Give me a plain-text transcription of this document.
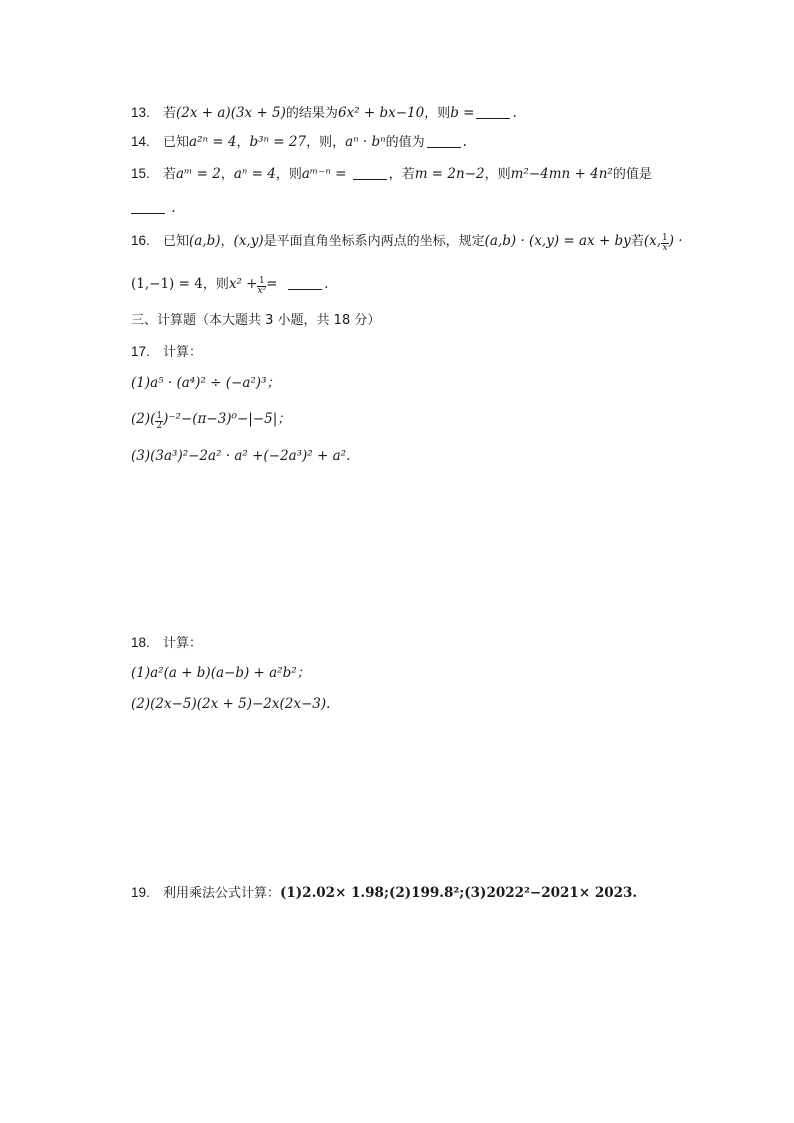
13. 若(2x + a)(3x + 5)的结果为6x² + bx−10，则b =	.
14. 已知a²ⁿ = 4，b³ⁿ = 27，则，aⁿ · bⁿ的值为	.
15. 若aᵐ = 2，aⁿ = 4，则aᵐ⁻ⁿ =	，若m = 2n−2，则m²−4mn + 4n²的值是
.
16. 已知(a,b)，(x,y)是平面直角坐标系内两点的坐标，规定(a,b) · (x,y) = ax + by若(x, $\frac{1}{x}$ ) ·
(1,−1) = 4，则$x^2 + \frac{1}{\text{x²}}$ =	.
三、计算题（本大题共 3 小题，共 18 分）
17. 计算：
(1)a⁵ · (a⁴)² ÷ (−a²)³；
$(2)( \frac{1}{2} )^{-2}-(\pi-3)^0-|-5|$；
(3)(3a³)²−2a² · a² +(−2a³)² + a².
18. 计算：
(1)a²(a + b)(a−b) + a²b²；
(2)(2x−5)(2x + 5)−2x(2x−3).
19. 利用乘法公式计算：(1)2.02× 1.98;(2)199.8²;(3)2022²−2021× 2023.
